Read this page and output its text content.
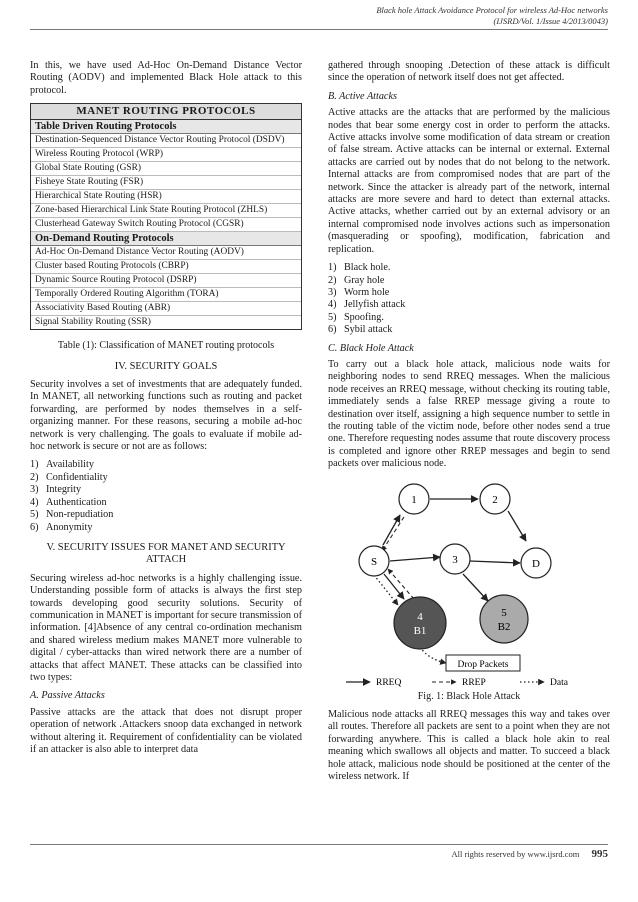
Black hole Attack Avoidance Protocol for wireless Ad-Hoc networks
(IJSRD/Vol. 1/Issue 4/2013/0043)

In this, we have used Ad-Hoc On-Demand Distance Vector Routing (AODV) and implemented Black Hole attack to this protocol.

MANET ROUTING PROTOCOLS
Table Driven Routing Protocols
Destination-Sequenced Distance Vector Routing Protocol (DSDV)
Wireless Routing Protocol (WRP)
Global State Routing (GSR)
Fisheye State Routing (FSR)
Hierarchical State Routing (HSR)
Zone-based Hierarchical Link State Routing Protocol (ZHLS)
Clusterhead Gateway Switch Routing Protocol (CGSR)
On-Demand Routing Protocols
Ad-Hoc On-Demand Distance Vector Routing (AODV)
Cluster based Routing Protocols (CBRP)
Dynamic Source Routing Protocol (DSRP)
Temporally Ordered Routing Algorithm (TORA)
Associativity Based Routing (ABR)
Signal Stability Routing (SSR)
Table (1): Classification of MANET routing protocols
IV. SECURITY GOALS

Security involves a set of investments that are adequately funded. In MANET, all networking functions such as routing and packet forwarding, are performed by nodes themselves in a self-organizing manner. For these reasons, securing a mobile ad-hoc network is very challenging. The goals to evaluate if mobile ad-hoc network is secure or not are as follows:

1) Availability
2) Confidentiality
3) Integrity
4) Authentication
5) Non-repudiation
6) Anonymity
V. SECURITY ISSUES FOR MANET AND SECURITY ATTACH

Securing wireless ad-hoc networks is a highly challenging issue. Understanding possible form of attacks is always the first step towards developing good security solutions. Security of communication in MANET is important for secure transmission of information. [4]Absence of any central co-ordination mechanism and shared wireless medium makes MANET more vulnerable to digital / cyber-attacks than wired network there are a number of attacks that affect MANET. These attacks can be classified into two types:

A. Passive Attacks

Passive attacks are the attack that does not disrupt proper operation of network .Attackers snoop data exchanged in network without altering it. Requirement of confidentiality can be violated if an attacker is also able to interpret data

gathered through snooping .Detection of these attack is difficult since the operation of network itself does not get affected.

B. Active Attacks

Active attacks are the attacks that are performed by the malicious nodes that bear some energy cost in order to perform the attacks. Active attacks involve some modification of data stream or creation of false stream. Active attacks can be internal or external. External attacks are carried out by nodes that do not belong to the network. Internal attacks are from compromised nodes that are part of the network. Since the attacker is already part of the network, internal attacks are more severe and hard to detect than external attacks. Active attacks, whether carried out by an external advisory or an internal compromised node involves actions such as impersonation (masquerading or spoofing), modification, fabrication and replication.

1) Black hole.
2) Gray hole
3) Worm hole
4) Jellyfish attack
5) Spoofing.
6) Sybil attack
C. Black Hole Attack

To carry out a black hole attack, malicious node waits for neighboring nodes to send RREQ messages. When the malicious node receives an RREQ message, without checking its routing table, immediately sends a false RREP message giving a route to destination over itself, assigning a high sequence number to settle in the routing table of the victim node, before other nodes send a true one. Therefore requesting nodes assume that route discovery process is completed and ignore other RREP messages and begin to send packets over malicious node.

1	2
S	3	D
4
B1
5
B2
Drop Packets
RREQ	RREP	Data
Fig. 1: Black Hole Attack

Malicious node attacks all RREQ messages this way and takes over all routes. Therefore all packets are sent to a point when they are not forwarding anywhere. This is called a black hole akin to real meaning which swallows all objects and matter. To succeed a black hole attack, malicious node should be positioned at the center of the wireless network. If

All rights reserved by www.ijsrd.com 995
